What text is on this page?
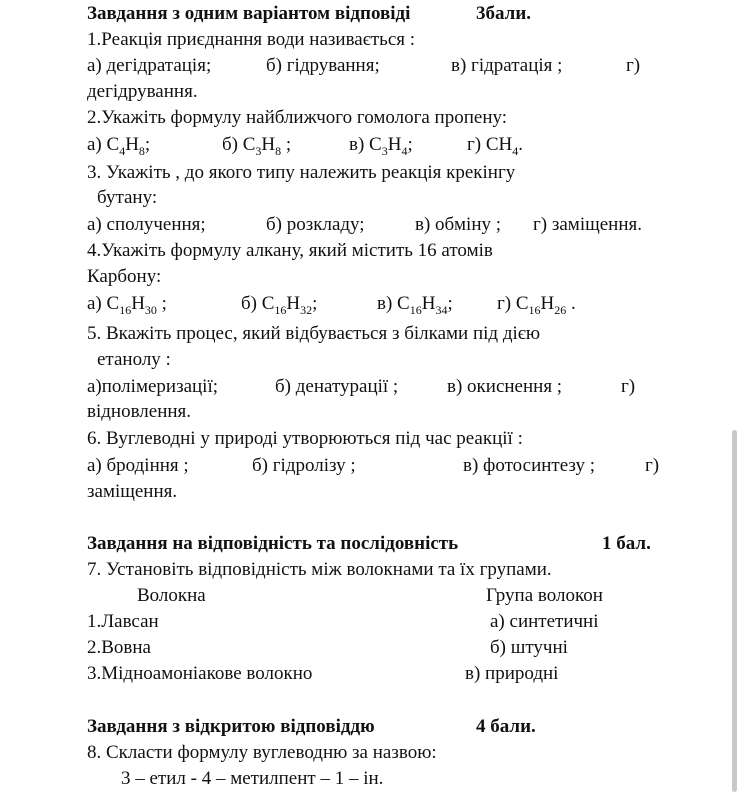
Завдання з одним варіантом відповіді	3бали.
1.Реакція приєднання води називається :
а) дегідратація;	б) гідрування;	в) гідратація ;	г)
дегідрування.
2.Укажіть формулу найближчого гомолога пропену:
а) $C_4H_8$;	б) $C_3H_8$ ;	в) $C_3H_4$;	г) $CH_4$.
3. Укажіть , до якого типу належить реакція крекінгу
бутану:
а) сполучення;	б) розкладу;	в) обміну ; г) заміщення.
4.Укажіть формулу алкану, який містить 16 атомів
Карбону:
а) $C_{16}H_{30}$ ;	б) $C_{16}H_{32}$;	в) $C_{16}H_{34}$; г) $C_{16}H_{26}$ .
5. Вкажіть процес, який відбувається з білками під дією
етанолу :
а)полімеризації;	б) денатурації ;	в) окиснення ;	г)
відновлення.
6. Вуглеводні у природі утворюються під час реакції :
а) бродіння ;	б) гідролізу ;	в) фотосинтезу ;	г)
заміщення.
Завдання на відповідність та послідовність	1 бал.
7. Установіть відповідність між волокнами та їх групами.
Волокна	Група волокон
1.Лавсан	а) синтетичні
2.Вовна	б) штучні
3.Мідноамоніакове волокно	в) природні
Завдання з відкритою відповіддю	4 бали.
8. Скласти формулу вуглеводню за назвою:
3 – етил - 4 – метилпент – 1 – ін.
